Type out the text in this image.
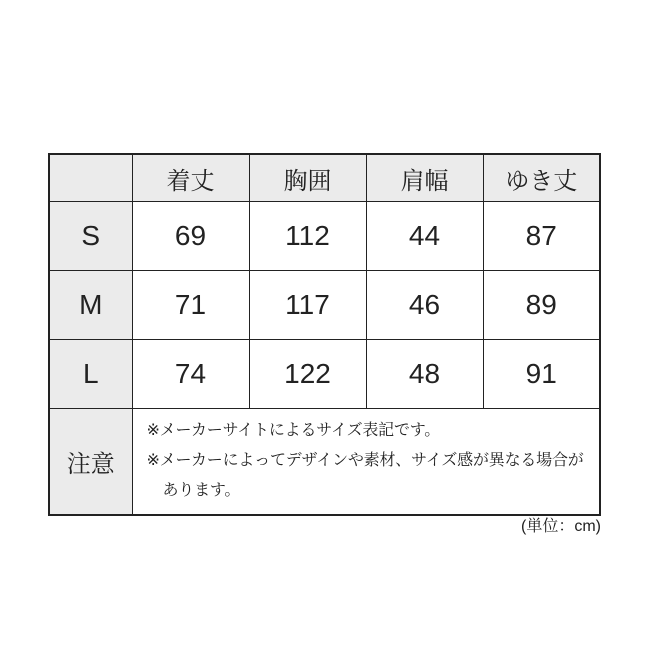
	着丈	胸囲	肩幅	ゆき丈
S	69	112	44	87
M	71	117	46	89
L	74	122	48	91
注意	※メーカーサイトによるサイズ表記です。
※メーカーによってデザインや素材、サイズ感が異なる場合が
あります。			
(単位：cm)
